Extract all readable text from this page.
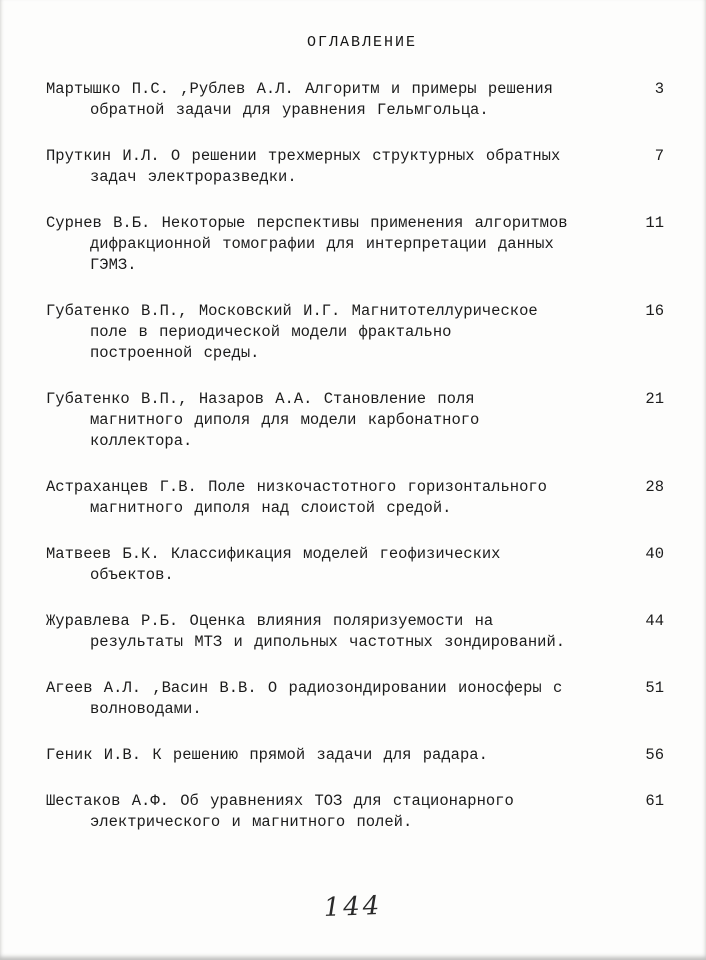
ОГЛАВЛЕНИЕ
Мартышко П.С. ,Рублев А.Л. Алгоритм и примеры решения
обратной задачи для уравнения Гельмгольца.
3
Пруткин И.Л. О решении трехмерных структурных обратных
задач электроразведки.
7
Сурнев В.Б. Некоторые перспективы применения алгоритмов
дифракционной томографии для интерпретации данных
ГЭМЗ.
11
Губатенко В.П., Московский И.Г. Магнитотеллурическое
поле в периодической модели фрактально
построенной среды.
16
Губатенко В.П., Назаров А.А. Становление поля
магнитного диполя для модели карбонатного
коллектора.
21
Астраханцев Г.В. Поле низкочастотного горизонтального
магнитного диполя над слоистой средой.
28
Матвеев Б.К. Классификация моделей геофизических
объектов.
40
Журавлева Р.Б. Оценка влияния поляризуемости на
результаты МТЗ и дипольных частотных зондирований.
44
Агеев А.Л. ,Васин В.В. О радиозондировании ионосферы с
волноводами.
51
Геник И.В. К решению прямой задачи для радара.	56
Шестаков А.Ф. Об уравнениях ТОЗ для стационарного
электрического и магнитного полей.
61
144
